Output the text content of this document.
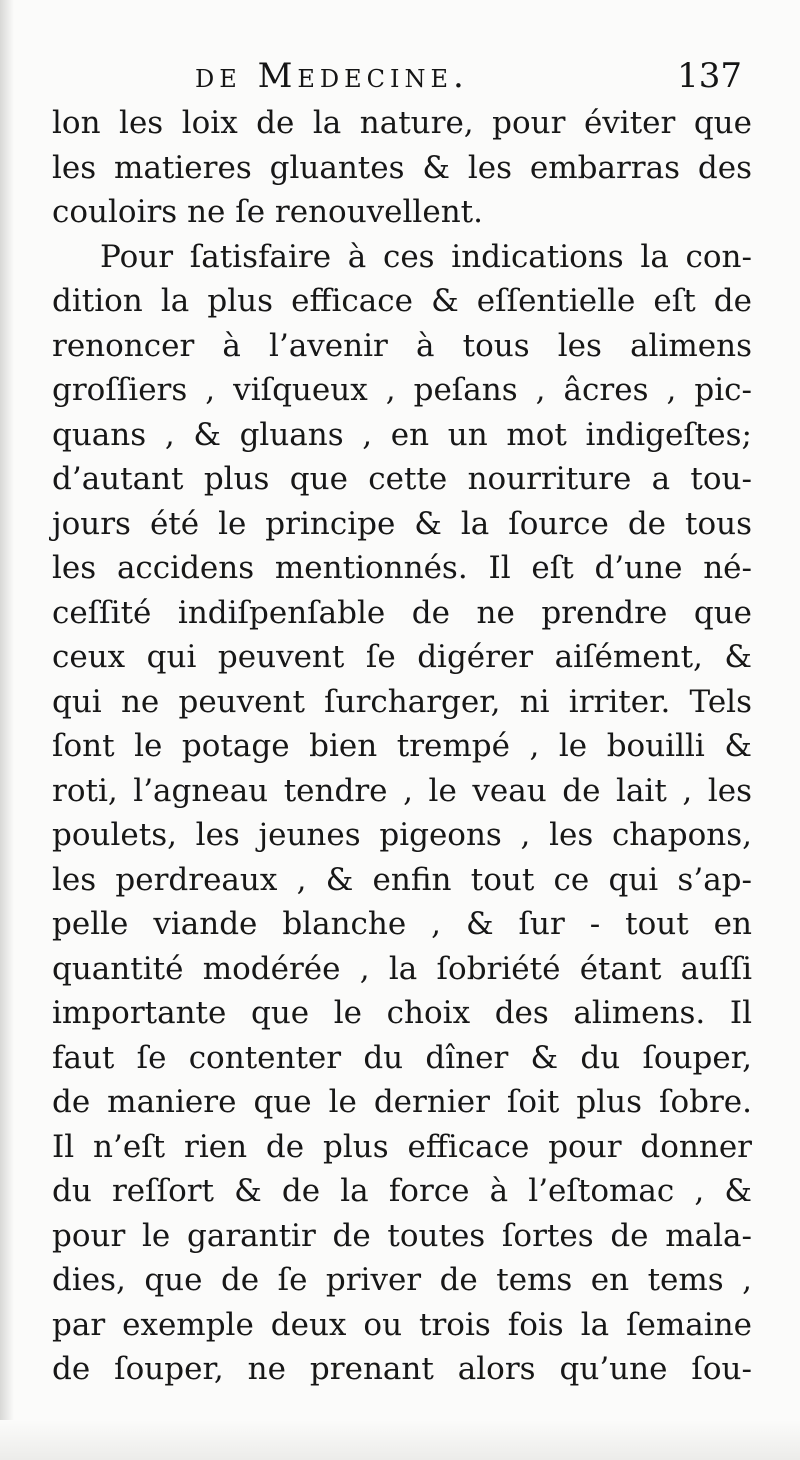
de Medecine.	137
lon les loix de la nature, pour éviter que
les matieres gluantes & les embarras des
couloirs ne ſe renouvellent.
Pour ſatisfaire à ces indications la con-
dition la plus efficace & eſſentielle eſt de
renoncer à l’avenir à tous les alimens
groſſiers , viſqueux , peſans , âcres , pic-
quans , & gluans , en un mot indigeſtes;
d’autant plus que cette nourriture a tou-
jours été le principe & la ſource de tous
les accidens mentionnés. Il eſt d’une né-
ceſſité indiſpenſable de ne prendre que
ceux qui peuvent ſe digérer aiſément, &
qui ne peuvent ſurcharger, ni irriter. Tels
ſont le potage bien trempé , le bouilli &
roti, l’agneau tendre , le veau de lait , les
poulets, les jeunes pigeons , les chapons,
les perdreaux , & enfin tout ce qui s’ap-
pelle viande blanche , & ſur - tout en
quantité modérée , la ſobriété étant auſſi
importante que le choix des alimens. Il
faut ſe contenter du dîner & du ſouper,
de maniere que le dernier ſoit plus ſobre.
Il n’eſt rien de plus efficace pour donner
du reſſort & de la force à l’eſtomac , &
pour le garantir de toutes ſortes de mala-
dies, que de ſe priver de tems en tems ,
par exemple deux ou trois fois la ſemaine
de ſouper, ne prenant alors qu’une ſou-
